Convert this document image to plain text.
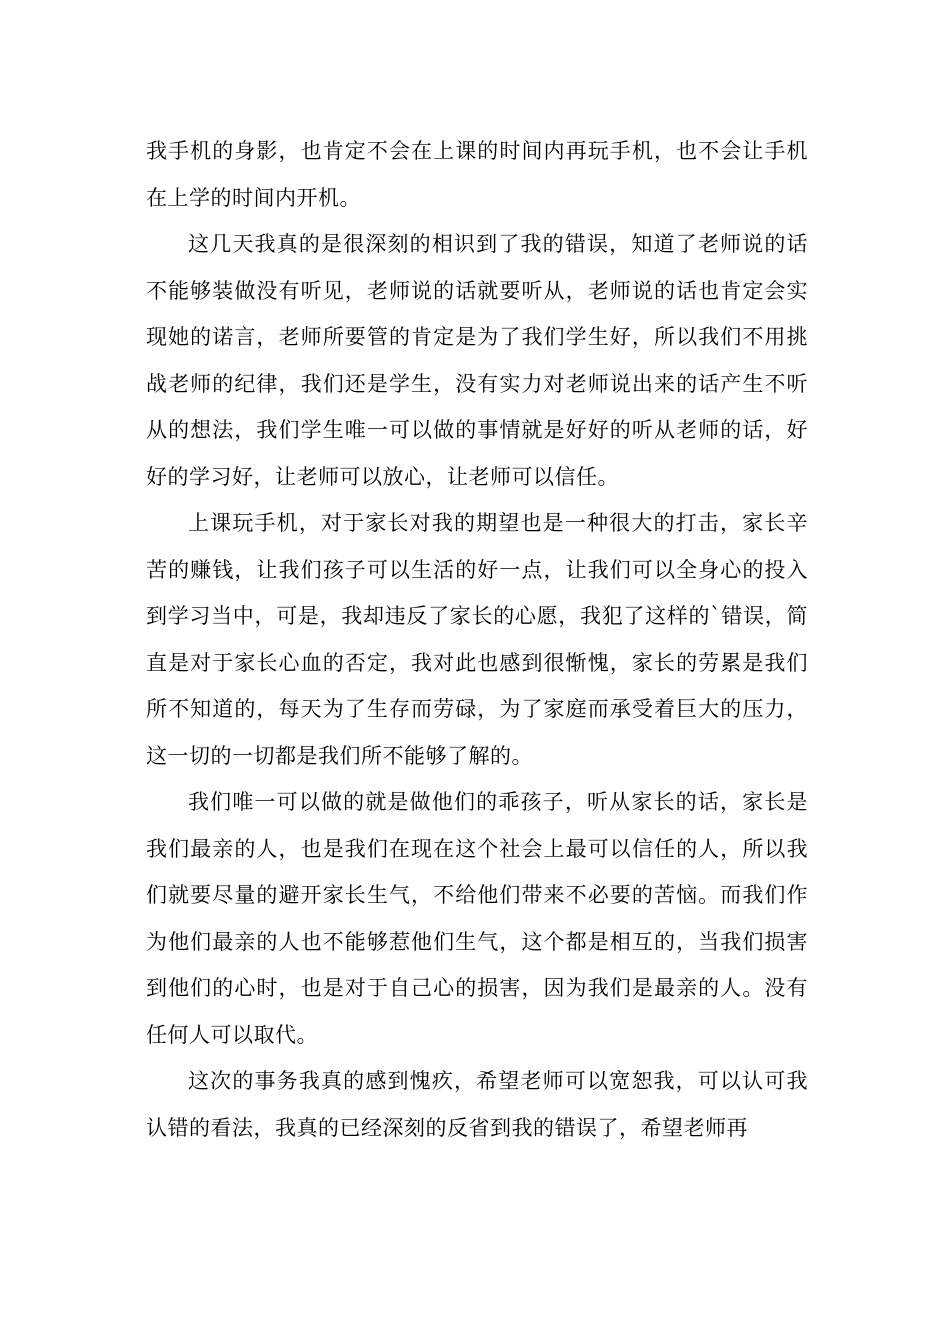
我手机的身影，也肯定不会在上课的时间内再玩手机，也不会让手机在上学的时间内开机。

这几天我真的是很深刻的相识到了我的错误，知道了老师说的话不能够装做没有听见，老师说的话就要听从，老师说的话也肯定会实现她的诺言，老师所要管的肯定是为了我们学生好，所以我们不用挑战老师的纪律，我们还是学生，没有实力对老师说出来的话产生不听从的想法，我们学生唯一可以做的事情就是好好的听从老师的话，好好的学习好，让老师可以放心，让老师可以信任。

上课玩手机，对于家长对我的期望也是一种很大的打击，家长辛苦的赚钱，让我们孩子可以生活的好一点，让我们可以全身心的投入到学习当中，可是，我却违反了家长的心愿，我犯了这样的`错误，简直是对于家长心血的否定，我对此也感到很惭愧，家长的劳累是我们所不知道的，每天为了生存而劳碌，为了家庭而承受着巨大的压力，这一切的一切都是我们所不能够了解的。

我们唯一可以做的就是做他们的乖孩子，听从家长的话，家长是我们最亲的人，也是我们在现在这个社会上最可以信任的人，所以我们就要尽量的避开家长生气，不给他们带来不必要的苦恼。而我们作为他们最亲的人也不能够惹他们生气，这个都是相互的，当我们损害到他们的心时，也是对于自己心的损害，因为我们是最亲的人。没有任何人可以取代。

这次的事务我真的感到愧疚，希望老师可以宽恕我，可以认可我认错的看法，我真的已经深刻的反省到我的错误了，希望老师再
